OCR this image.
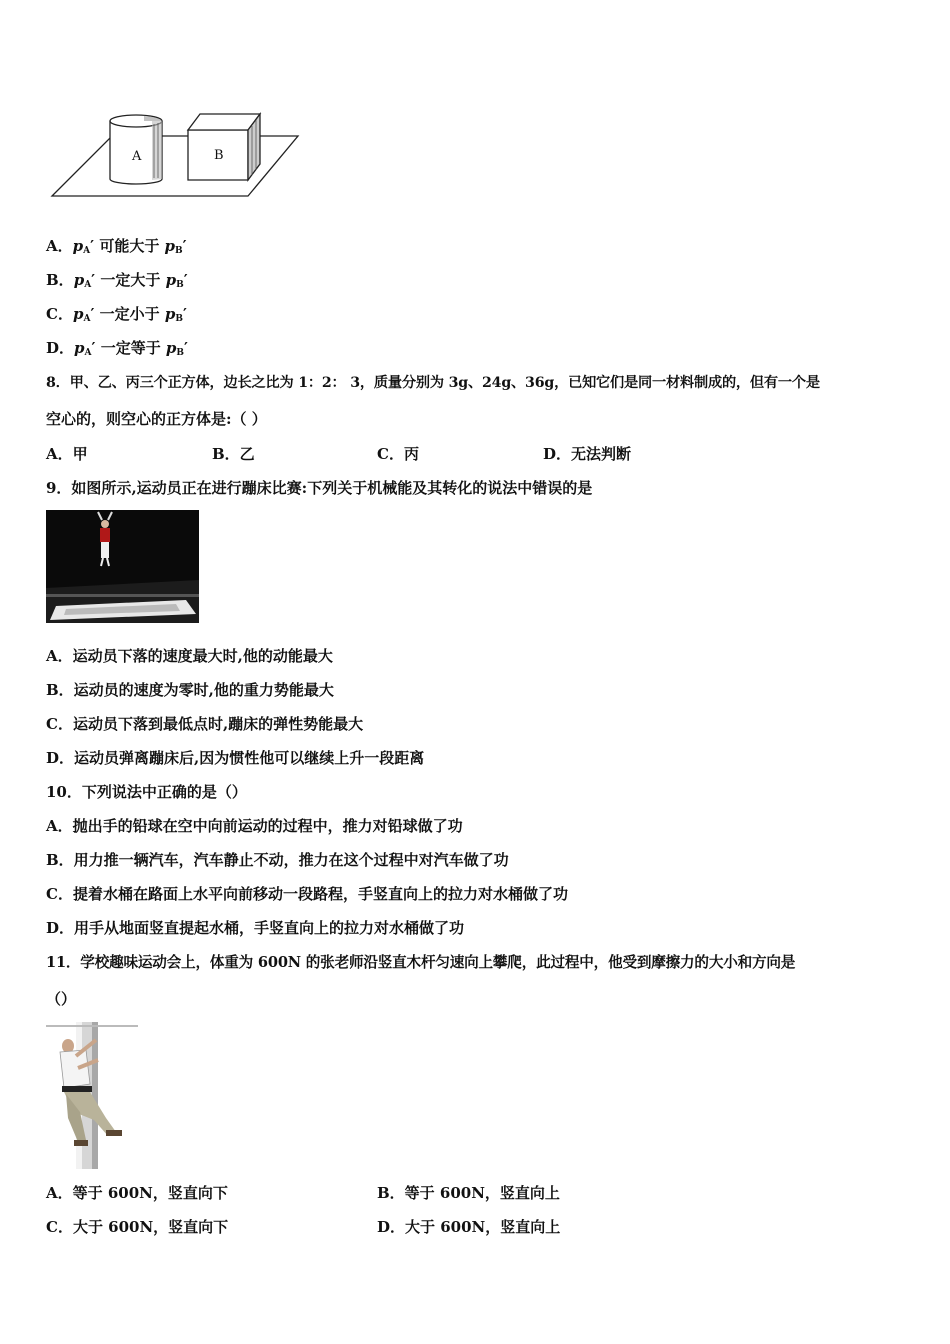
A	B
A．$p_A'$ 可能大于 $p_B'$
B．$p_A'$ 一定大于 $p_B'$
C．$p_A'$ 一定小于 $p_B'$
D．$p_A'$ 一定等于 $p_B'$
8．甲、乙、丙三个正方体，边长之比为 1：2： 3，质量分别为 3g、24g、36g，已知它们是同一材料制成的，但有一个是
空心的，则空心的正方体是:（ ）
A．甲	B．乙	C．丙	D．无法判断
9．如图所示,运动员正在进行蹦床比赛:下列关于机械能及其转化的说法中错误的是
A．运动员下落的速度最大时,他的动能最大
B．运动员的速度为零时,他的重力势能最大
C．运动员下落到最低点时,蹦床的弹性势能最大
D．运动员弹离蹦床后,因为惯性他可以继续上升一段距离
10．下列说法中正确的是（）
A．抛出手的铅球在空中向前运动的过程中，推力对铅球做了功
B．用力推一辆汽车，汽车静止不动，推力在这个过程中对汽车做了功
C．提着水桶在路面上水平向前移动一段路程，手竖直向上的拉力对水桶做了功
D．用手从地面竖直提起水桶，手竖直向上的拉力对水桶做了功
11．学校趣味运动会上，体重为 600N 的张老师沿竖直木杆匀速向上攀爬，此过程中，他受到摩擦力的大小和方向是
（）
A．等于 600N，竖直向下	B．等于 600N，竖直向上
C．大于 600N，竖直向下	D．大于 600N，竖直向上
